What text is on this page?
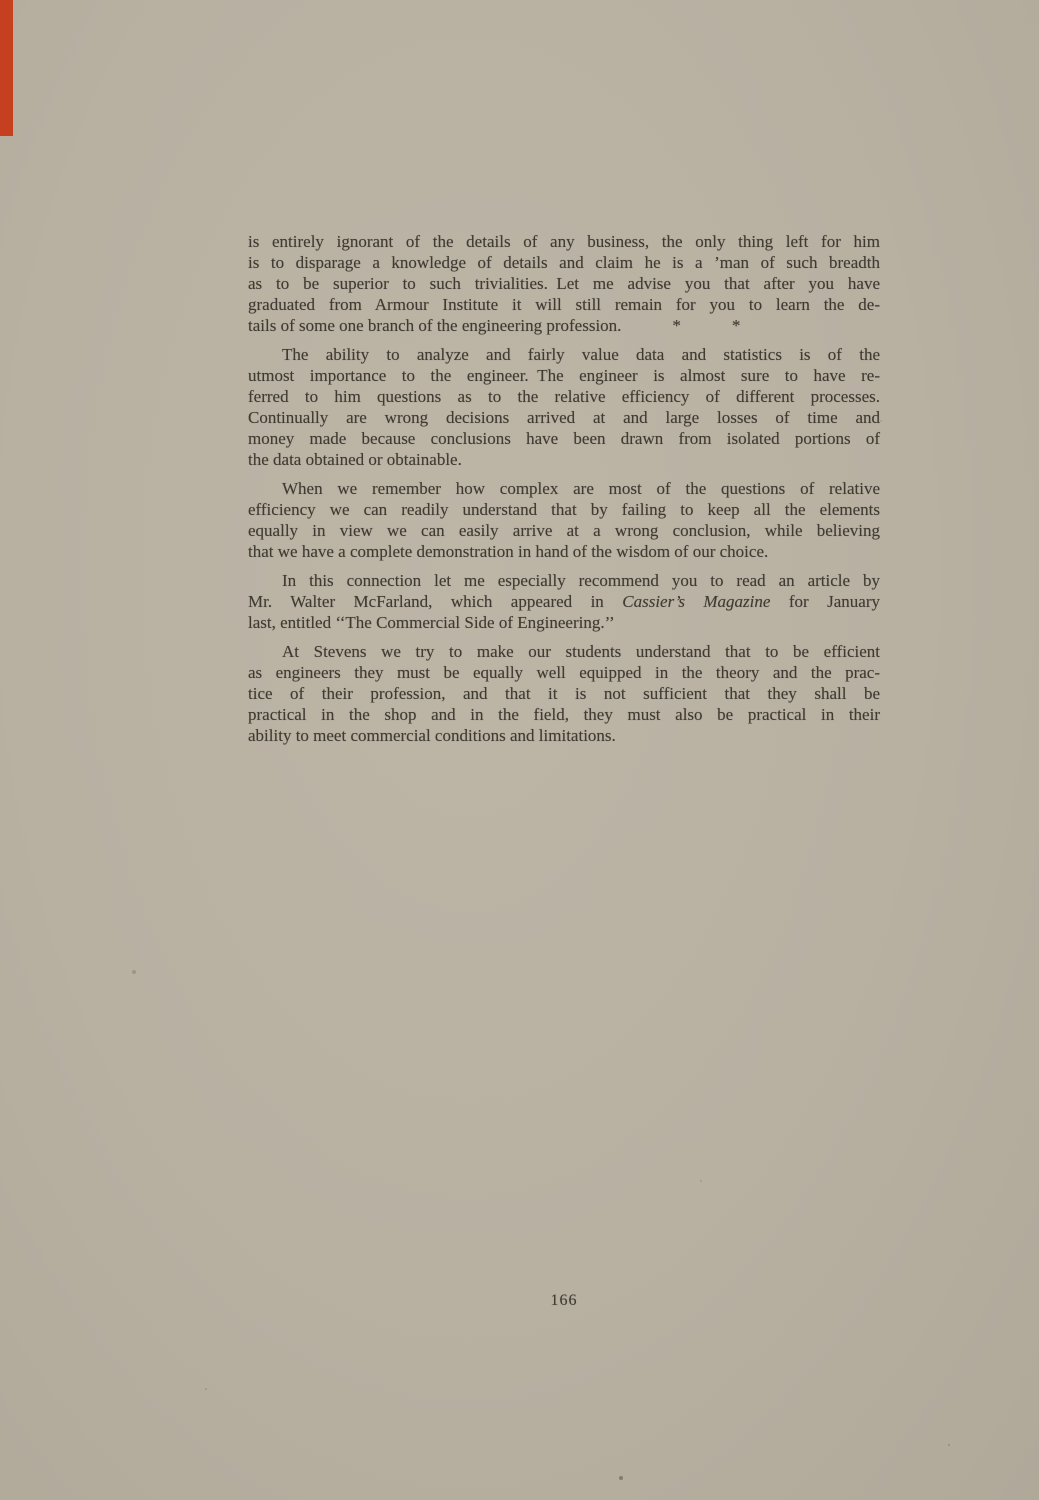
is entirely ignorant of the details of any business, the only thing left for him
is to disparage a knowledge of details and claim he is a ’man of such breadth
as to be superior to such trivialities. Let me advise you that after you have
graduated from Armour Institute it will still remain for you to learn the de-
tails of some one branch of the engineering profession.   *   *
The ability to analyze and fairly value data and statistics is of the
utmost importance to the engineer. The engineer is almost sure to have re-
ferred to him questions as to the relative efficiency of different processes.
Continually are wrong decisions arrived at and large losses of time and
money made because conclusions have been drawn from isolated portions of
the data obtained or obtainable.
When we remember how complex are most of the questions of relative
efficiency we can readily understand that by failing to keep all the elements
equally in view we can easily arrive at a wrong conclusion, while believing
that we have a complete demonstration in hand of the wisdom of our choice.
In this connection let me especially recommend you to read an article by
Mr. Walter McFarland, which appeared in Cassier’s Magazine for January
last, entitled ‘‘The Commercial Side of Engineering.’’
At Stevens we try to make our students understand that to be efficient
as engineers they must be equally well equipped in the theory and the prac-
tice of their profession, and that it is not sufficient that they shall be
practical in the shop and in the field, they must also be practical in their
ability to meet commercial conditions and limitations.
166
